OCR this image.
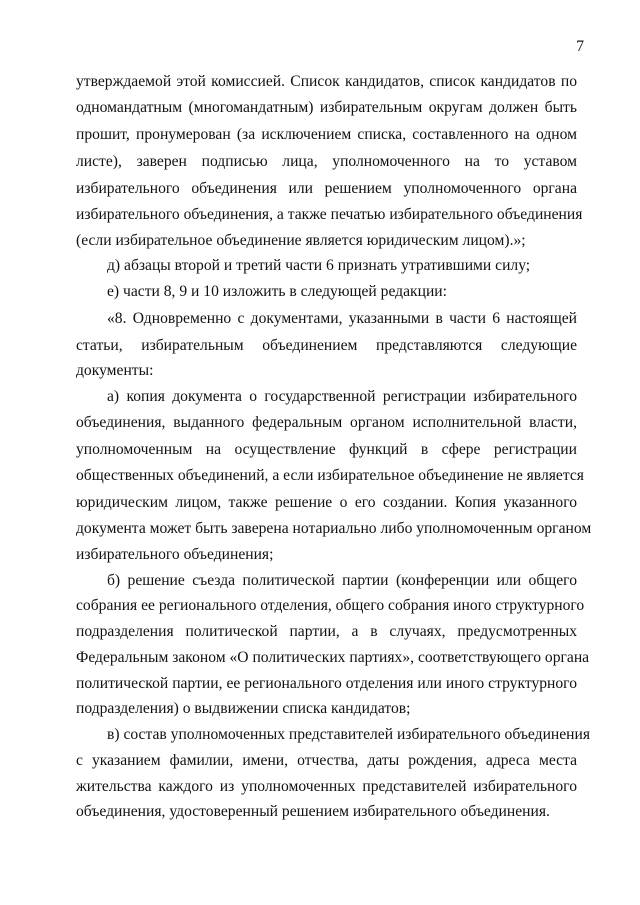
7
утверждаемой этой комиссией. Список кандидатов, список кандидатов по
одномандатным (многомандатным) избирательным округам должен быть
прошит, пронумерован (за исключением списка, составленного на одном
листе), заверен подписью лица, уполномоченного на то уставом
избирательного объединения или решением уполномоченного органа
избирательного объединения, а также печатью избирательного объединения
(если избирательное объединение является юридическим лицом).»;
д) абзацы второй и третий части 6 признать утратившими силу;
е) части 8, 9 и 10 изложить в следующей редакции:
«8. Одновременно с документами, указанными в части 6 настоящей
статьи, избирательным объединением представляются следующие
документы:
а) копия документа о государственной регистрации избирательного
объединения, выданного федеральным органом исполнительной власти,
уполномоченным на осуществление функций в сфере регистрации
общественных объединений, а если избирательное объединение не является
юридическим лицом, также решение о его создании. Копия указанного
документа может быть заверена нотариально либо уполномоченным органом
избирательного объединения;
б) решение съезда политической партии (конференции или общего
собрания ее регионального отделения, общего собрания иного структурного
подразделения политической партии, а в случаях, предусмотренных
Федеральным законом «О политических партиях», соответствующего органа
политической партии, ее регионального отделения или иного структурного
подразделения) о выдвижении списка кандидатов;
в) состав уполномоченных представителей избирательного объединения
с указанием фамилии, имени, отчества, даты рождения, адреса места
жительства каждого из уполномоченных представителей избирательного
объединения, удостоверенный решением избирательного объединения.
